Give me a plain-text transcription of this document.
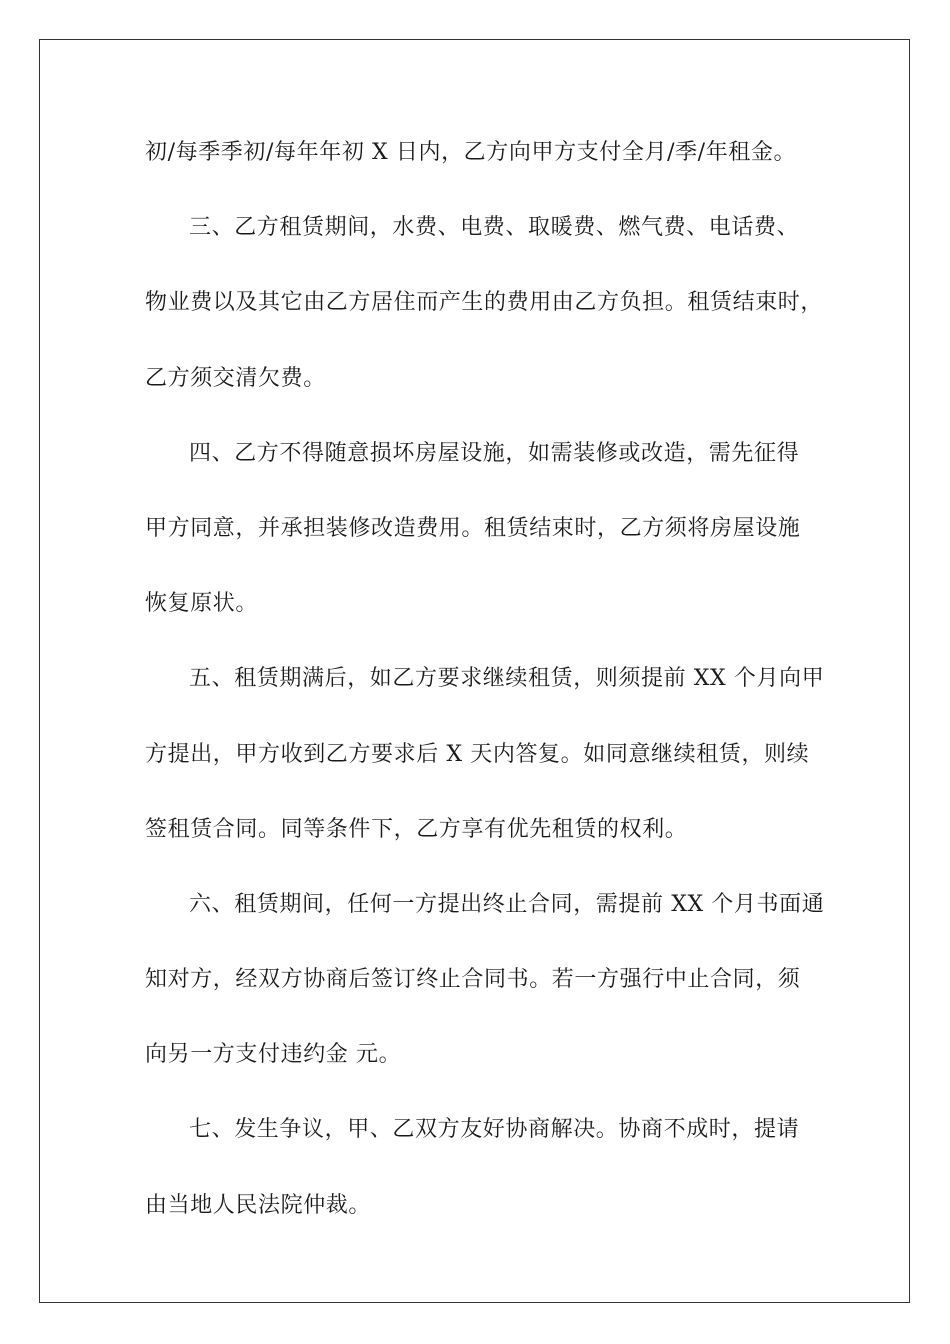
初/每季季初/每年年初 X 日内，乙方向甲方支付全月/季/年租金。
三、乙方租赁期间，水费、电费、取暖费、燃气费、电话费、
物业费以及其它由乙方居住而产生的费用由乙方负担。租赁结束时，
乙方须交清欠费。
四、乙方不得随意损坏房屋设施，如需装修或改造，需先征得
甲方同意，并承担装修改造费用。租赁结束时，乙方须将房屋设施
恢复原状。
五、租赁期满后，如乙方要求继续租赁，则须提前 XX 个月向甲
方提出，甲方收到乙方要求后 X 天内答复。如同意继续租赁，则续
签租赁合同。同等条件下，乙方享有优先租赁的权利。
六、租赁期间，任何一方提出终止合同，需提前 XX 个月书面通
知对方，经双方协商后签订终止合同书。若一方强行中止合同，须
向另一方支付违约金 元。
七、发生争议，甲、乙双方友好协商解决。协商不成时，提请
由当地人民法院仲裁。
